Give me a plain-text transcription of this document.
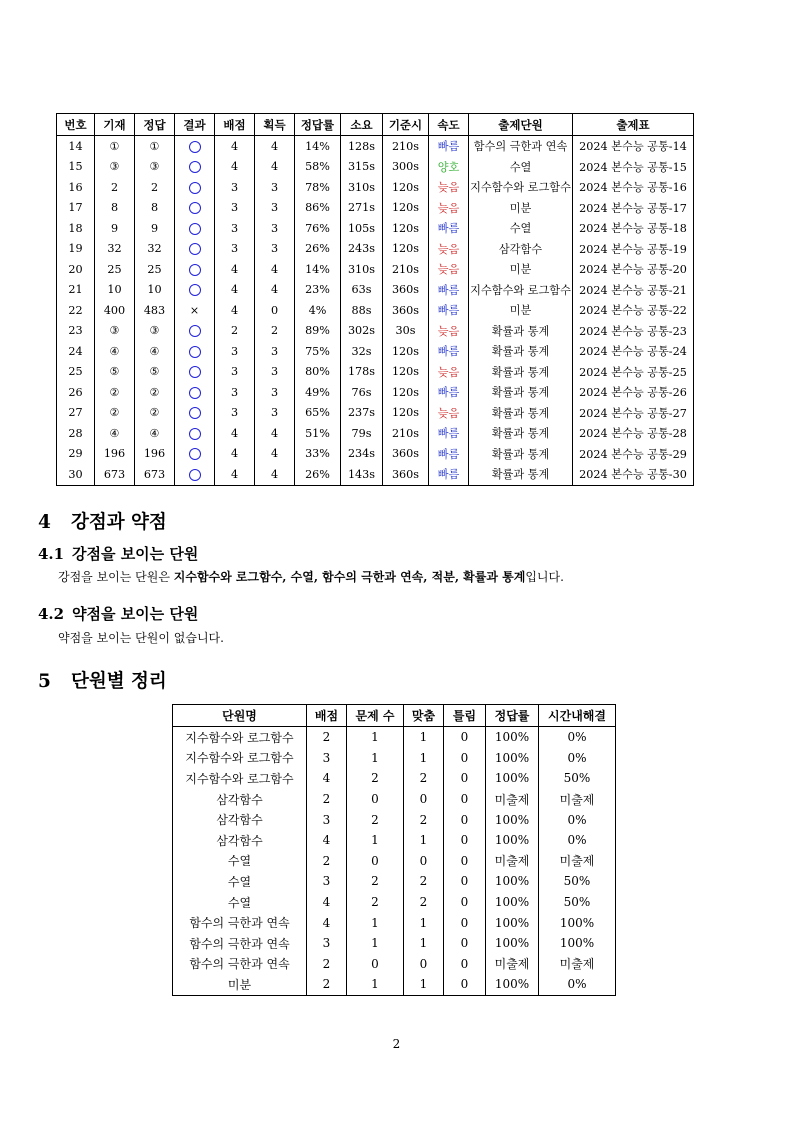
번호	기재	정답	결과	배점	획득	정답률	소요	기준시	속도	출제단원	출제표
14	①	①		4	4	14%	128s	210s	빠름	함수의 극한과 연속	2024 본수능 공통-14
15	③	③		4	4	58%	315s	300s	양호	수열	2024 본수능 공통-15
16	2	2		3	3	78%	310s	120s	늦음	지수함수와 로그함수	2024 본수능 공통-16
17	8	8		3	3	86%	271s	120s	늦음	미분	2024 본수능 공통-17
18	9	9		3	3	76%	105s	120s	빠름	수열	2024 본수능 공통-18
19	32	32		3	3	26%	243s	120s	늦음	삼각함수	2024 본수능 공통-19
20	25	25		4	4	14%	310s	210s	늦음	미분	2024 본수능 공통-20
21	10	10		4	4	23%	63s	360s	빠름	지수함수와 로그함수	2024 본수능 공통-21
22	400	483	×	4	0	4%	88s	360s	빠름	미분	2024 본수능 공통-22
23	③	③		2	2	89%	302s	30s	늦음	확률과 통계	2024 본수능 공통-23
24	④	④		3	3	75%	32s	120s	빠름	확률과 통계	2024 본수능 공통-24
25	⑤	⑤		3	3	80%	178s	120s	늦음	확률과 통계	2024 본수능 공통-25
26	②	②		3	3	49%	76s	120s	빠름	확률과 통계	2024 본수능 공통-26
27	②	②		3	3	65%	237s	120s	늦음	확률과 통계	2024 본수능 공통-27
28	④	④		4	4	51%	79s	210s	빠름	확률과 통계	2024 본수능 공통-28
29	196	196		4	4	33%	234s	360s	빠름	확률과 통계	2024 본수능 공통-29
30	673	673		4	4	26%	143s	360s	빠름	확률과 통계	2024 본수능 공통-30
4 강점과 약점
4.1 강점을 보이는 단원
강점을 보이는 단원은 지수함수와 로그함수, 수열, 함수의 극한과 연속, 적분, 확률과 통계입니다.
4.2 약점을 보이는 단원
약점을 보이는 단원이 없습니다.
5 단원별 정리
단원명	배점	문제 수	맞춤	틀림	정답률	시간내해결
지수함수와 로그함수	2	1	1	0	100%	0%
지수함수와 로그함수	3	1	1	0	100%	0%
지수함수와 로그함수	4	2	2	0	100%	50%
삼각함수	2	0	0	0	미출제	미출제
삼각함수	3	2	2	0	100%	0%
삼각함수	4	1	1	0	100%	0%
수열	2	0	0	0	미출제	미출제
수열	3	2	2	0	100%	50%
수열	4	2	2	0	100%	50%
함수의 극한과 연속	4	1	1	0	100%	100%
함수의 극한과 연속	3	1	1	0	100%	100%
함수의 극한과 연속	2	0	0	0	미출제	미출제
미분	2	1	1	0	100%	0%
2
